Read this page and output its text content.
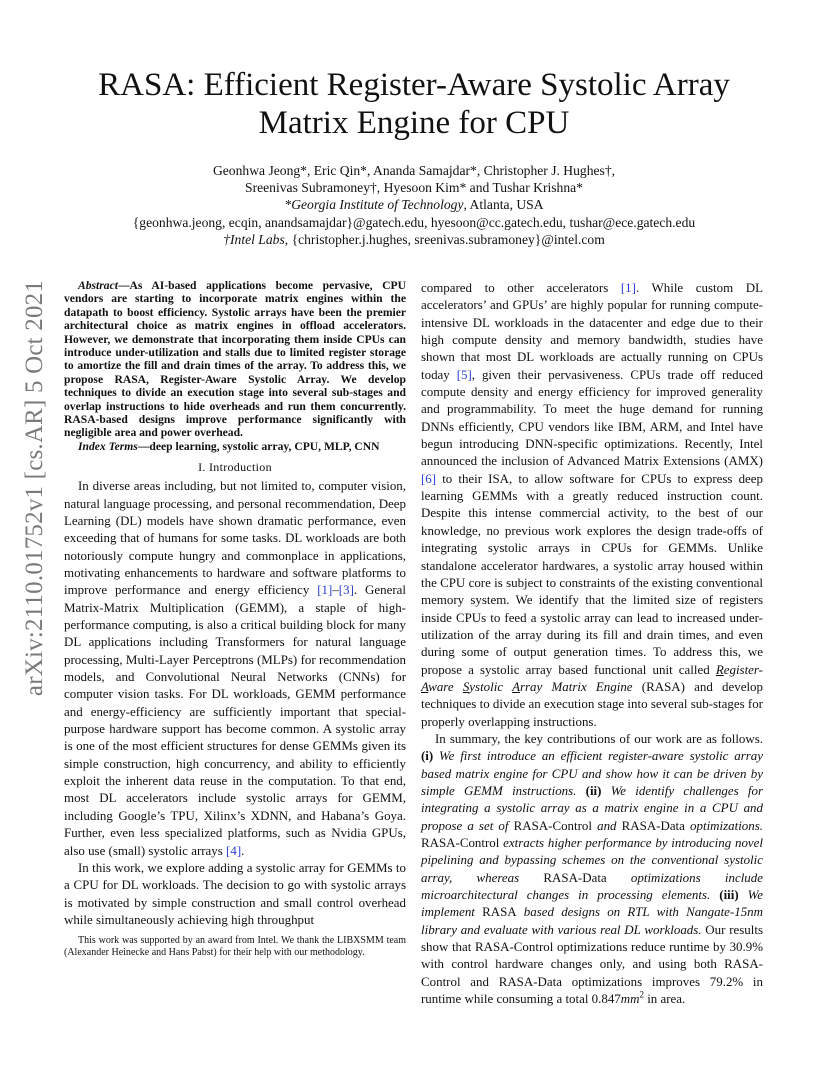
arXiv:2110.01752v1 [cs.AR] 5 Oct 2021
RASA: Efficient Register-Aware Systolic Array
Matrix Engine for CPU
Geonhwa Jeong*, Eric Qin*, Ananda Samajdar*, Christopher J. Hughes†,
Sreenivas Subramoney†, Hyesoon Kim* and Tushar Krishna*
*Georgia Institute of Technology, Atlanta, USA
{geonhwa.jeong, ecqin, anandsamajdar}@gatech.edu, hyesoon@cc.gatech.edu, tushar@ece.gatech.edu
†Intel Labs, {christopher.j.hughes, sreenivas.subramoney}@intel.com

Abstract—As AI-based applications become pervasive, CPU vendors are starting to incorporate matrix engines within the datapath to boost efficiency. Systolic arrays have been the premier architectural choice as matrix engines in offload accelerators. However, we demonstrate that incorporating them inside CPUs can introduce under-utilization and stalls due to limited register storage to amortize the fill and drain times of the array. To address this, we propose RASA, Register-Aware Systolic Array. We develop techniques to divide an execution stage into several sub-stages and overlap instructions to hide overheads and run them concurrently. RASA-based designs improve performance significantly with negligible area and power overhead.

Index Terms—deep learning, systolic array, CPU, MLP, CNN

I. Introduction

In diverse areas including, but not limited to, computer vision, natural language processing, and personal recommendation, Deep Learning (DL) models have shown dramatic performance, even exceeding that of humans for some tasks. DL workloads are both notoriously compute hungry and commonplace in applications, motivating enhancements to hardware and software platforms to improve performance and energy efficiency [1]–[3]. General Matrix-Matrix Multiplication (GEMM), a staple of high-performance computing, is also a critical building block for many DL applications including Transformers for natural language processing, Multi-Layer Perceptrons (MLPs) for recommendation models, and Convolutional Neural Networks (CNNs) for computer vision tasks. For DL workloads, GEMM performance and energy-efficiency are sufficiently important that special-purpose hardware support has become common. A systolic array is one of the most efficient structures for dense GEMMs given its simple construction, high concurrency, and ability to efficiently exploit the inherent data reuse in the computation. To that end, most DL accelerators include systolic arrays for GEMM, including Google’s TPU, Xilinx’s XDNN, and Habana’s Goya. Further, even less specialized platforms, such as Nvidia GPUs, also use (small) systolic arrays [4].

In this work, we explore adding a systolic array for GEMMs to a CPU for DL workloads. The decision to go with systolic arrays is motivated by simple construction and small control overhead while simultaneously achieving high throughput

This work was supported by an award from Intel. We thank the LIBXSMM team (Alexander Heinecke and Hans Pabst) for their help with our methodology.

compared to other accelerators [1]. While custom DL accelerators’ and GPUs’ are highly popular for running compute-intensive DL workloads in the datacenter and edge due to their high compute density and memory bandwidth, studies have shown that most DL workloads are actually running on CPUs today [5], given their pervasiveness. CPUs trade off reduced compute density and energy efficiency for improved generality and programmability. To meet the huge demand for running DNNs efficiently, CPU vendors like IBM, ARM, and Intel have begun introducing DNN-specific optimizations. Recently, Intel announced the inclusion of Advanced Matrix Extensions (AMX) [6] to their ISA, to allow software for CPUs to express deep learning GEMMs with a greatly reduced instruction count. Despite this intense commercial activity, to the best of our knowledge, no previous work explores the design trade-offs of integrating systolic arrays in CPUs for GEMMs. Unlike standalone accelerator hardwares, a systolic array housed within the CPU core is subject to constraints of the existing conventional memory system. We identify that the limited size of registers inside CPUs to feed a systolic array can lead to increased under-utilization of the array during its fill and drain times, and even during some of output generation times. To address this, we propose a systolic array based functional unit called Register-Aware Systolic Array Matrix Engine (RASA) and develop techniques to divide an execution stage into several sub-stages for properly overlapping instructions.

In summary, the key contributions of our work are as follows. (i) We first introduce an efficient register-aware systolic array based matrix engine for CPU and show how it can be driven by simple GEMM instructions. (ii) We identify challenges for integrating a systolic array as a matrix engine in a CPU and propose a set of RASA-Control and RASA-Data optimizations. RASA-Control extracts higher performance by introducing novel pipelining and bypassing schemes on the conventional systolic array, whereas RASA-Data optimizations include microarchitectural changes in processing elements. (iii) We implement RASA based designs on RTL with Nangate-15nm library and evaluate with various real DL workloads. Our results show that RASA-Control optimizations reduce runtime by 30.9% with control hardware changes only, and using both RASA-Control and RASA-Data optimizations improves 79.2% in runtime while consuming a total $0.847mm^2$ in area.
